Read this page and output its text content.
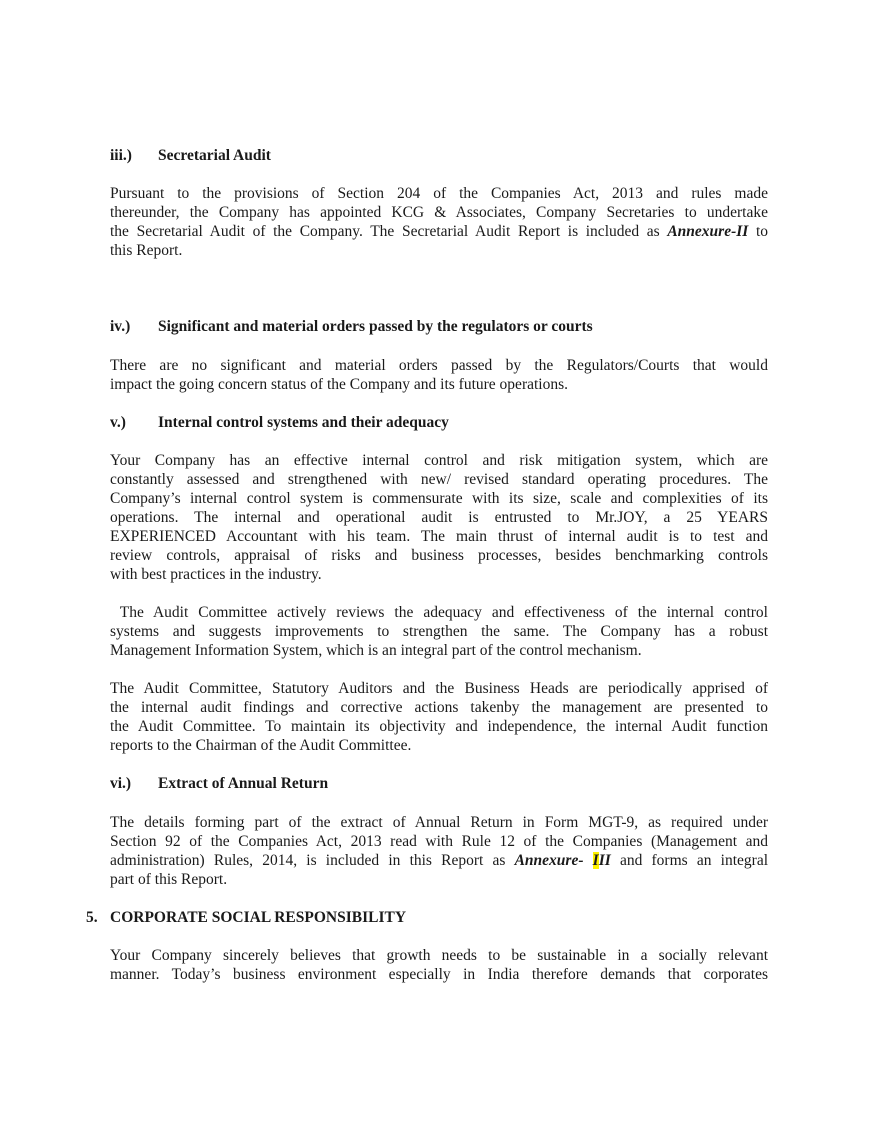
iii.) Secretarial Audit
Pursuant to the provisions of Section 204 of the Companies Act, 2013 and rules made
thereunder, the Company has appointed KCG & Associates, Company Secretaries to undertake
the Secretarial Audit of the Company. The Secretarial Audit Report is included as Annexure-II to
this Report.
iv.) Significant and material orders passed by the regulators or courts
There are no significant and material orders passed by the Regulators/Courts that would
impact the going concern status of the Company and its future operations.
v.) Internal control systems and their adequacy
Your Company has an effective internal control and risk mitigation system, which are
constantly assessed and strengthened with new/ revised standard operating procedures. The
Company’s internal control system is commensurate with its size, scale and complexities of its
operations. The internal and operational audit is entrusted to Mr.JOY, a 25 YEARS
EXPERIENCED Accountant with his team. The main thrust of internal audit is to test and
review controls, appraisal of risks and business processes, besides benchmarking controls
with best practices in the industry.
The Audit Committee actively reviews the adequacy and effectiveness of the internal control
systems and suggests improvements to strengthen the same. The Company has a robust
Management Information System, which is an integral part of the control mechanism.
The Audit Committee, Statutory Auditors and the Business Heads are periodically apprised of
the internal audit findings and corrective actions takenby the management are presented to
the Audit Committee. To maintain its objectivity and independence, the internal Audit function
reports to the Chairman of the Audit Committee.
vi.) Extract of Annual Return
The details forming part of the extract of Annual Return in Form MGT-9, as required under
Section 92 of the Companies Act, 2013 read with Rule 12 of the Companies (Management and
administration) Rules, 2014, is included in this Report as Annexure- III and forms an integral
part of this Report.
5. CORPORATE SOCIAL RESPONSIBILITY
Your Company sincerely believes that growth needs to be sustainable in a socially relevant
manner. Today’s business environment especially in India therefore demands that corporates
